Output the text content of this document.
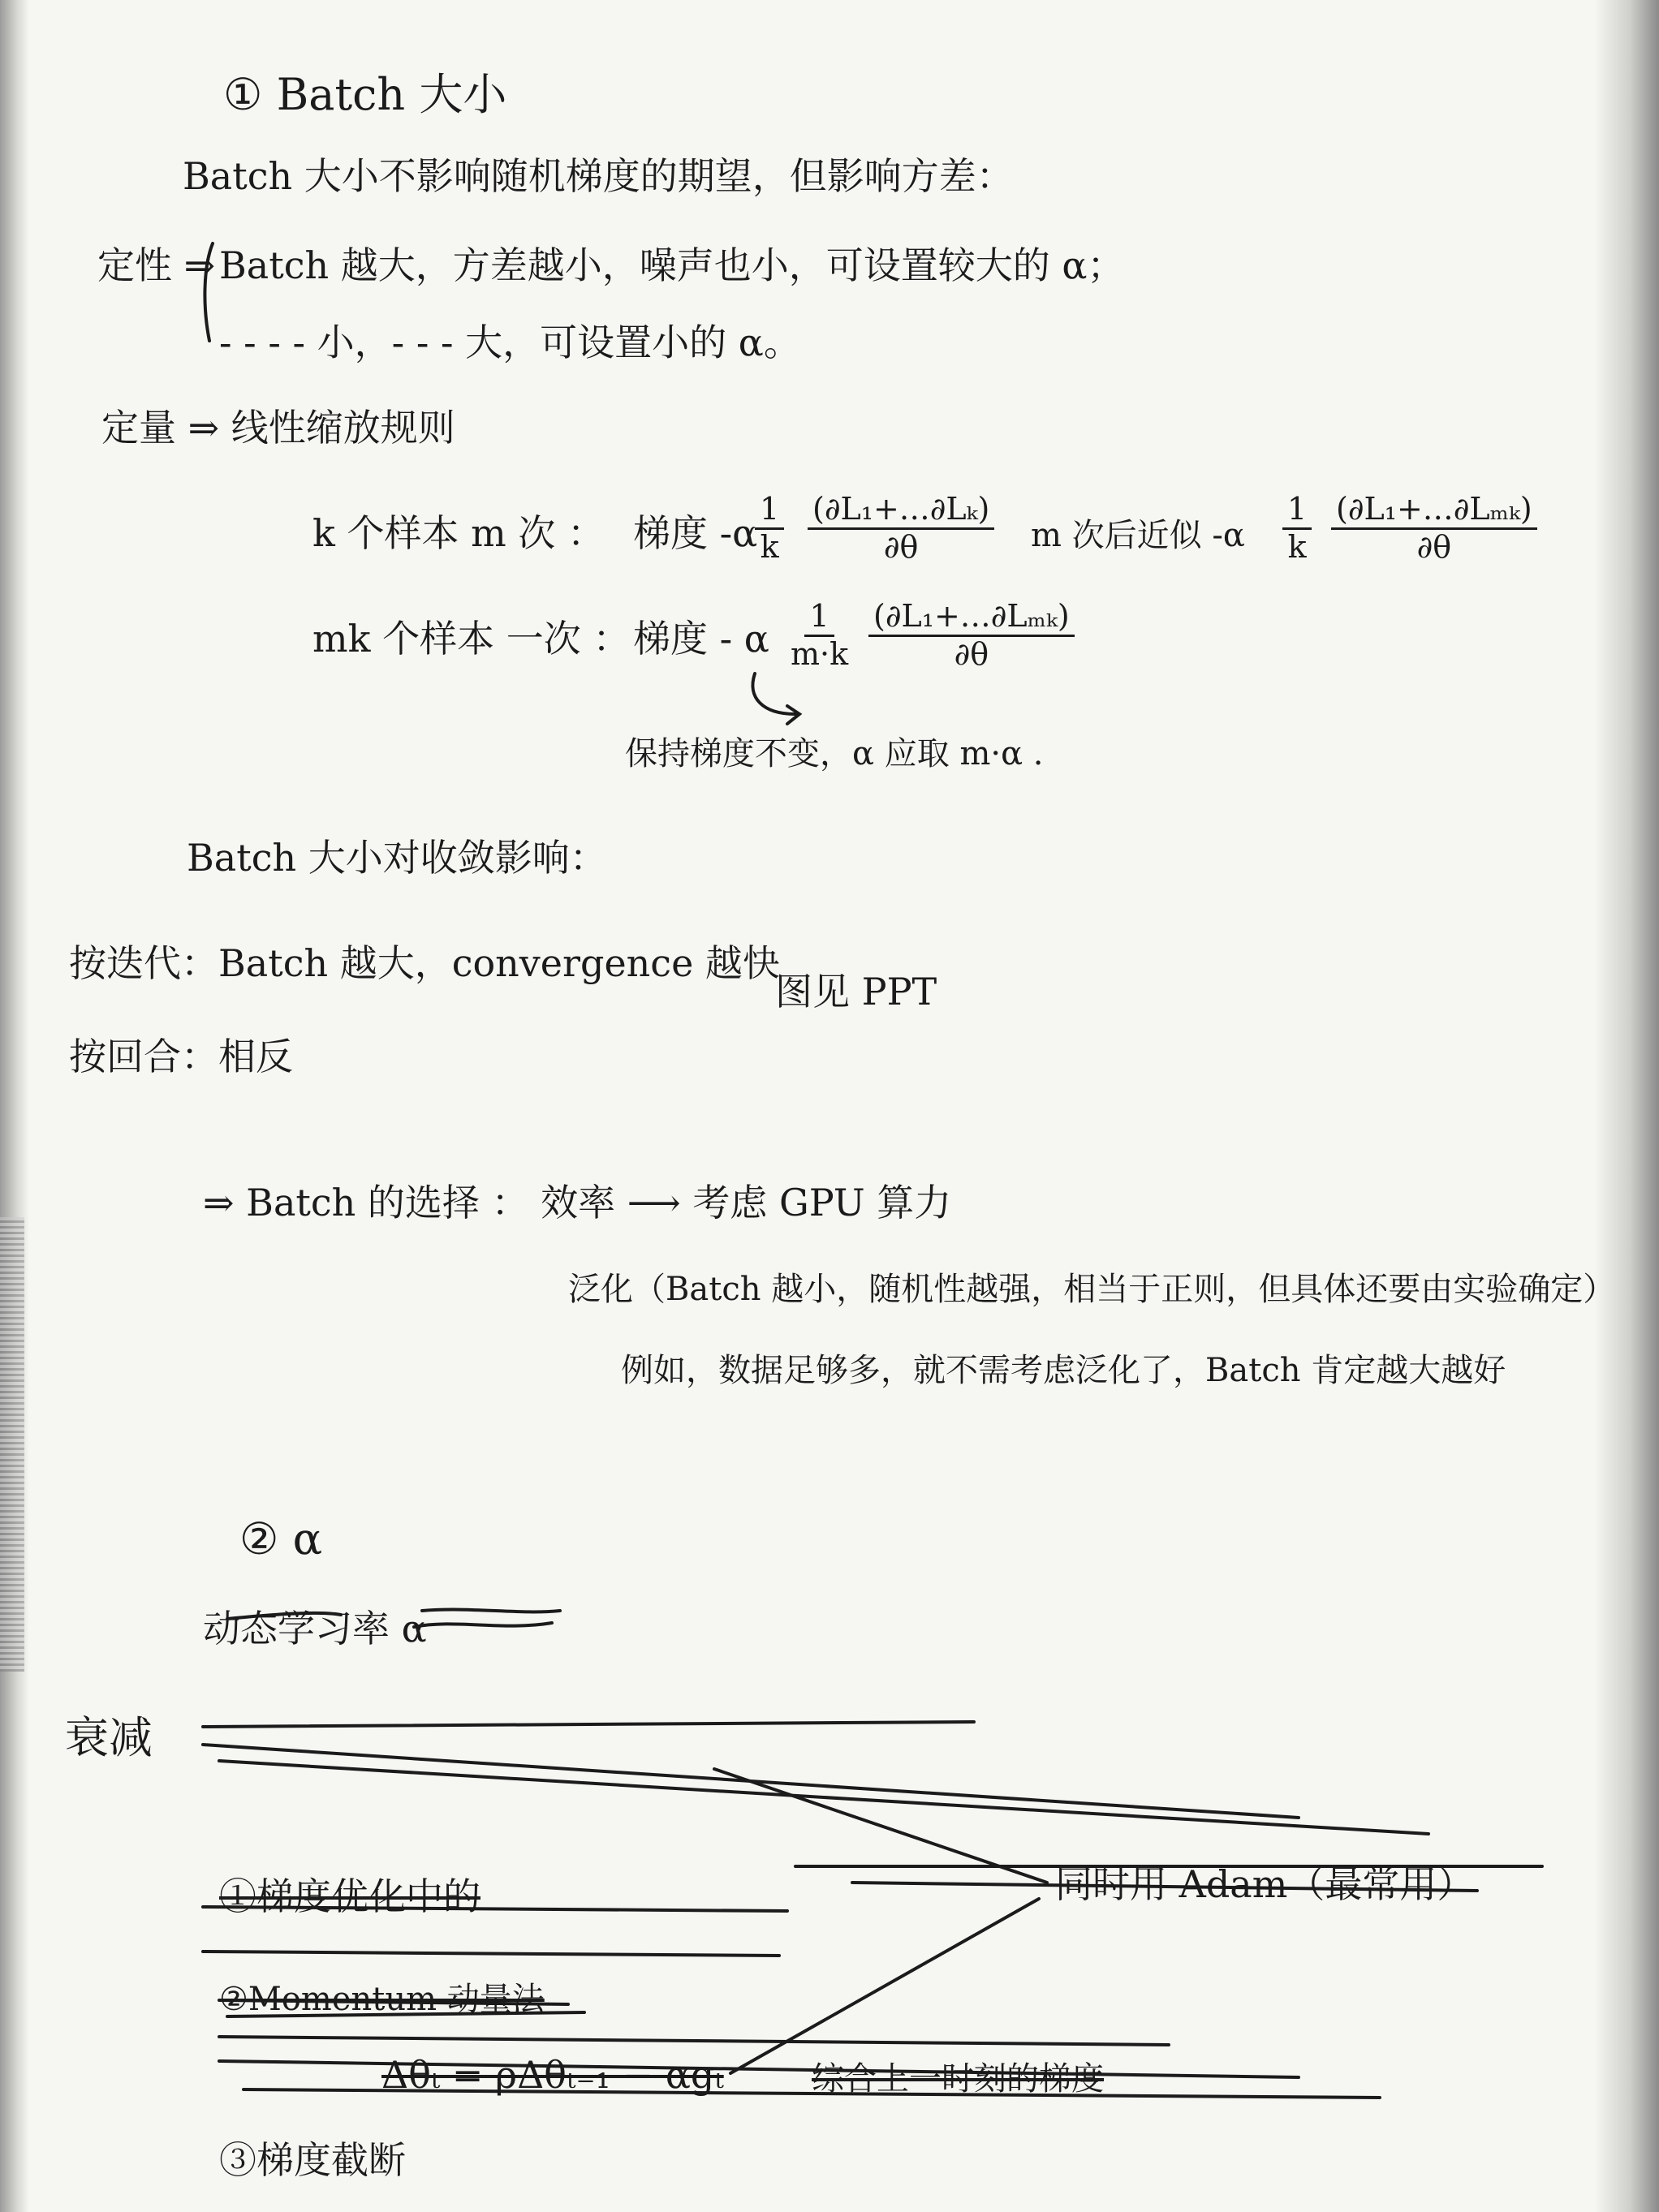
① Batch 大小
Batch 大小不影响随机梯度的期望，但影响方差：
定性 ⇒ Batch 越大，方差越小，噪声也小，可设置较大的 α；
- - - - 小，- - - 大，可设置小的 α。
定量 ⇒ 线性缩放规则
k 个样本 m 次 ： 梯度 -α
$\frac{1}{k} \frac{\text{(∂L₁+…∂Lₖ)}}{\partial\theta}$ m 次后近似 $-\alpha \frac{1}{k}$ (∂L₁+…∂Lₘₖ)
∂θ
mk 个样本 一次 ： 梯度 - α $\frac{1}{m\cdot k}$ (∂L₁+…∂Lₘₖ)
∂θ
保持梯度不变，α 应取 m·α .
Batch 大小对收敛影响：
按迭代：Batch 越大，convergence 越快
图见 PPT
按回合：相反
⇒ Batch 的选择 ： 效率 ⟶ 考虑 GPU 算力
泛化（Batch 越小，随机性越强，相当于正则，但具体还要由实验确定）
例如，数据足够多，就不需考虑泛化了，Batch 肯定越大越好
② α
动态学习率 α
衰减
①梯度优化中的
②Momentum 动量法
Δθₜ = ρΔθₜ₋₁ − αgₜ	综合上一时刻的梯度
同时用 Adam（最常用）
③梯度截断
